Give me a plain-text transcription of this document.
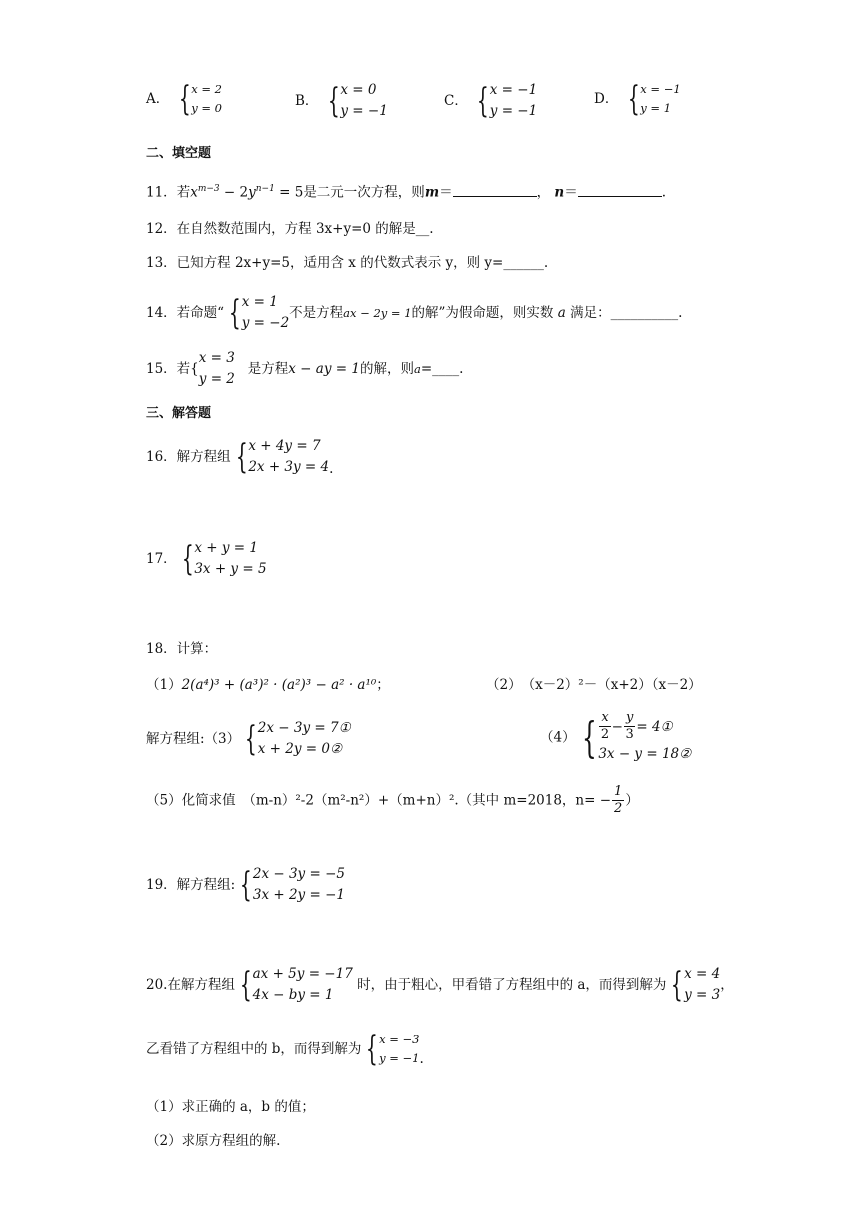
A． { x = 2
y = 0	B． { x = 0
y = −1
C． { x = −1
y = −1
D． { x = −1
y = 1
二、填空题
11．若$x^{m-3} - 2y^{n-1} = 5$是二元一次方程，则m＝	， n＝	.
12．在自然数范围内，方程 3x+y=0 的解是__.
13．已知方程 2x+y=5，适用含 x 的代数式表示 y，则 y=______.
14．若命题“ { x = 1
y = −2
不是方程ax − 2y = 1的解”为假命题，则实数 a 满足：__________.
15．若{
x = 3
y = 2
是方程x − ay = 1的解，则a=____.
三、解答题
16．解方程组 { x + 4y = 7
2x + 3y = 4 .
17． { x + y = 1
3x + y = 5
18．计算：
（1）2(a⁴)³ + (a³)² · (a²)³ − a² · a¹⁰；	（2）　（x－2）²－（x+2）（x－2）
解方程组:（3） { 2x − 3y = 7①
x + 2y = 0②
（4） { $\frac{x}{2} - \frac{y}{3}$ = 4①
3x − y = 18②
（5）化简求值　（m-n）²-2（m²-n²）+（m+n）².（其中 m=2018，$n= - \frac{1}{2}$ ）
19．解方程组: { 2x − 3y = −5
3x + 2y = −1
20.在解方程组 { ax + 5y = −17
4x − by = 1
时，由于粗心，甲看错了方程组中的 a，而得到解为 { x = 4
y = 3
，
乙看错了方程组中的 b，而得到解为 { x = −3
y = −1 .
（1）求正确的 a，b 的值；
（2）求原方程组的解.
